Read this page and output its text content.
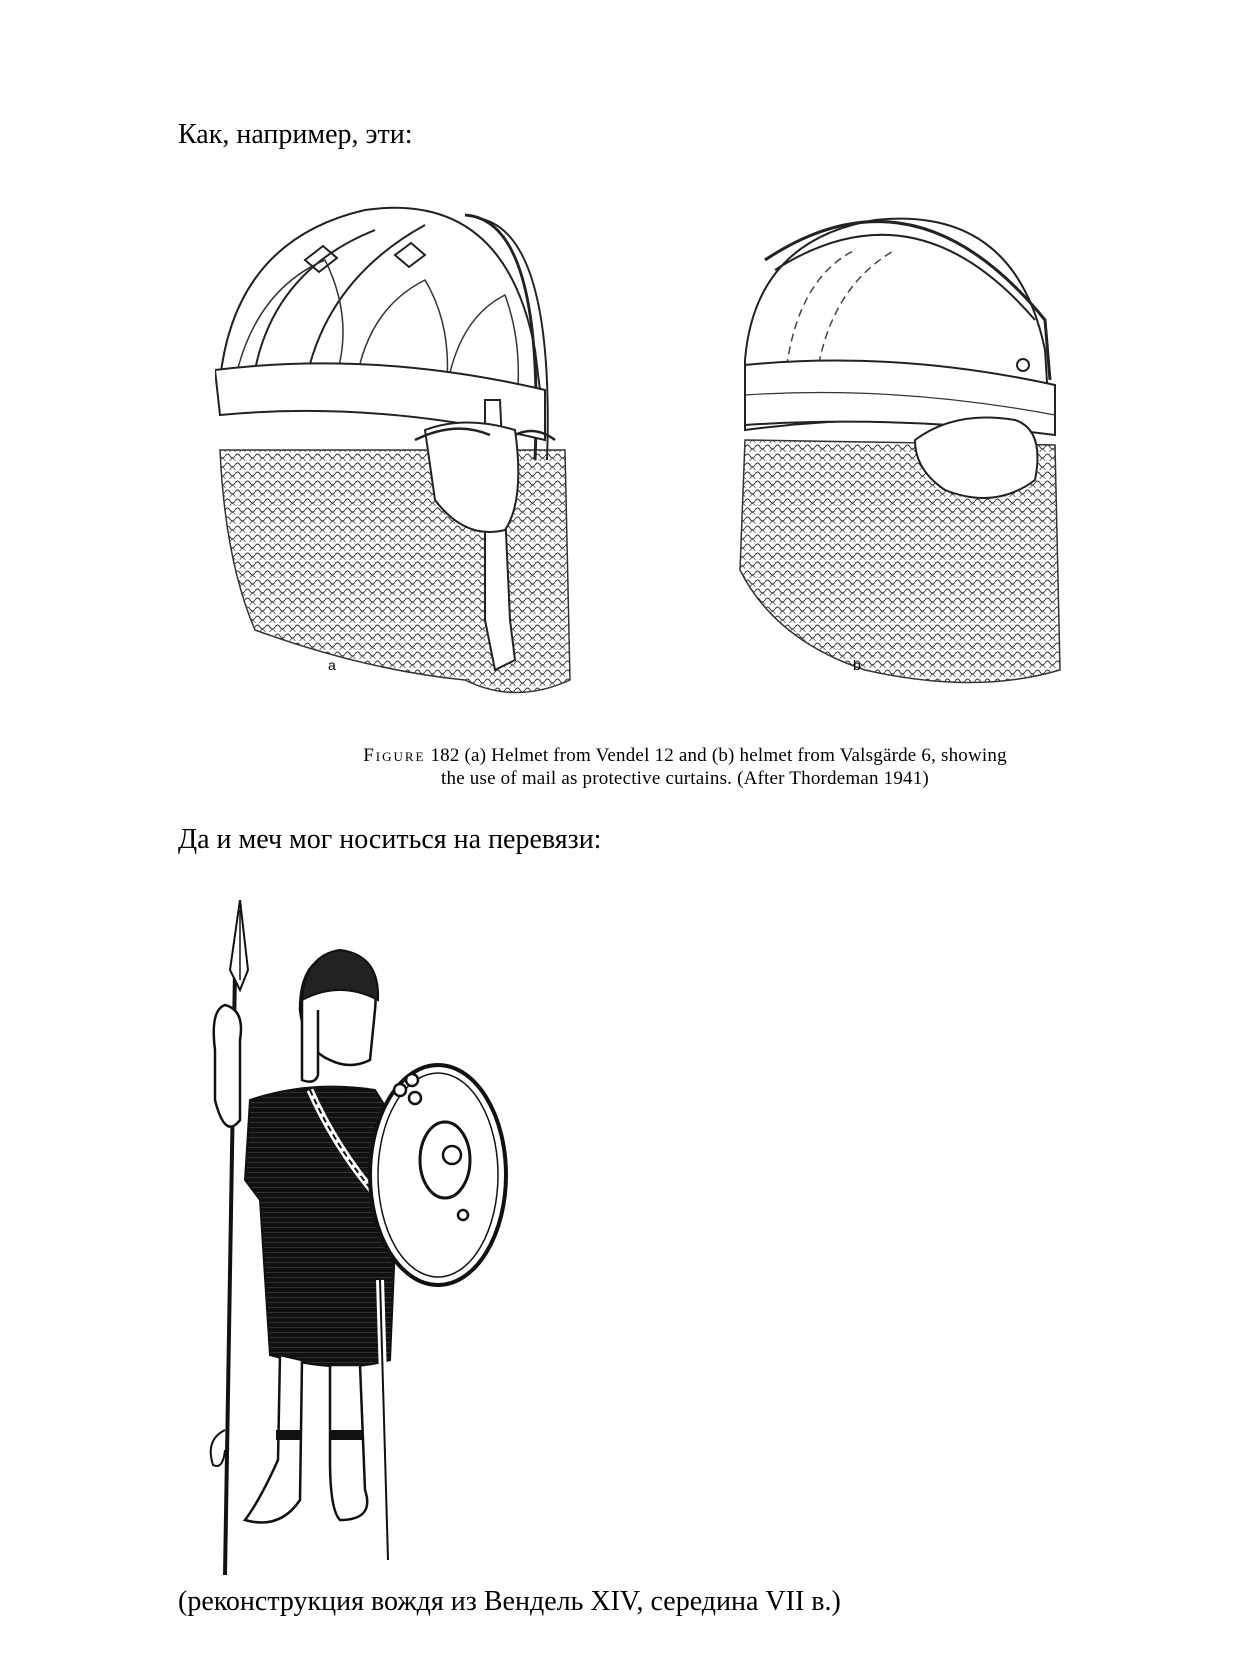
Как, например, эти:

a	b
Figure 182 (a) Helmet from Vendel 12 and (b) helmet from Valsgärde 6, showing
the use of mail as protective curtains. (After Thordeman 1941)

Да и меч мог носиться на перевязи:

(реконструкция вождя из Вендель XIV, середина VII в.)
